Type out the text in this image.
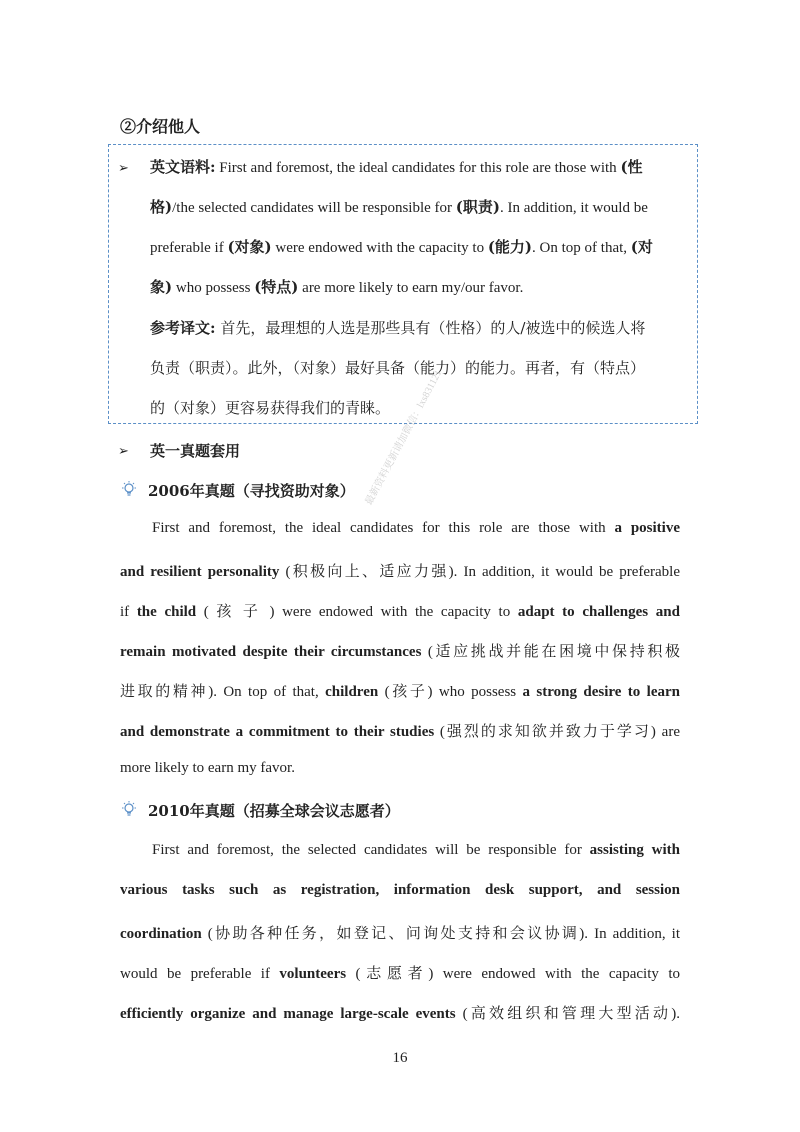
②介绍他人
➢ 英文语料: First and foremost, the ideal candidates for this role are those with (性
格)/the selected candidates will be responsible for (职责). In addition, it would be
preferable if (对象) were endowed with the capacity to (能力). On top of that, (对
象) who possess (特点) are more likely to earn my/our favor.
参考译文: 首先，最理想的人选是那些具有（性格）的人/被选中的候选人将
负责（职责）。此外，（对象）最好具备（能力）的能力。再者，有（特点）
的（对象）更容易获得我们的青睐。
➢ 英一真题套用
2006年真题（寻找资助对象）
First and foremost, the ideal candidates for this role are those with a positive
and resilient personality (积极向上、适应力强). In addition, it would be preferable
if the child ( 孩 子 ) were endowed with the capacity to adapt to challenges and
remain motivated despite their circumstances (适应挑战并能在困境中保持积极
进取的精神). On top of that, children (孩子) who possess a strong desire to learn
and demonstrate a commitment to their studies (强烈的求知欲并致力于学习) are
more likely to earn my favor.
2010年真题（招募全球会议志愿者）
First and foremost, the selected candidates will be responsible for assisting with
various tasks such as registration, information desk support, and session
coordination (协助各种任务，如登记、问询处支持和会议协调). In addition, it
would be preferable if volunteers (志愿者) were endowed with the capacity to
efficiently organize and manage large-scale events (高效组织和管理大型活动).
最新资料更新请加微信：lxs831121
16
